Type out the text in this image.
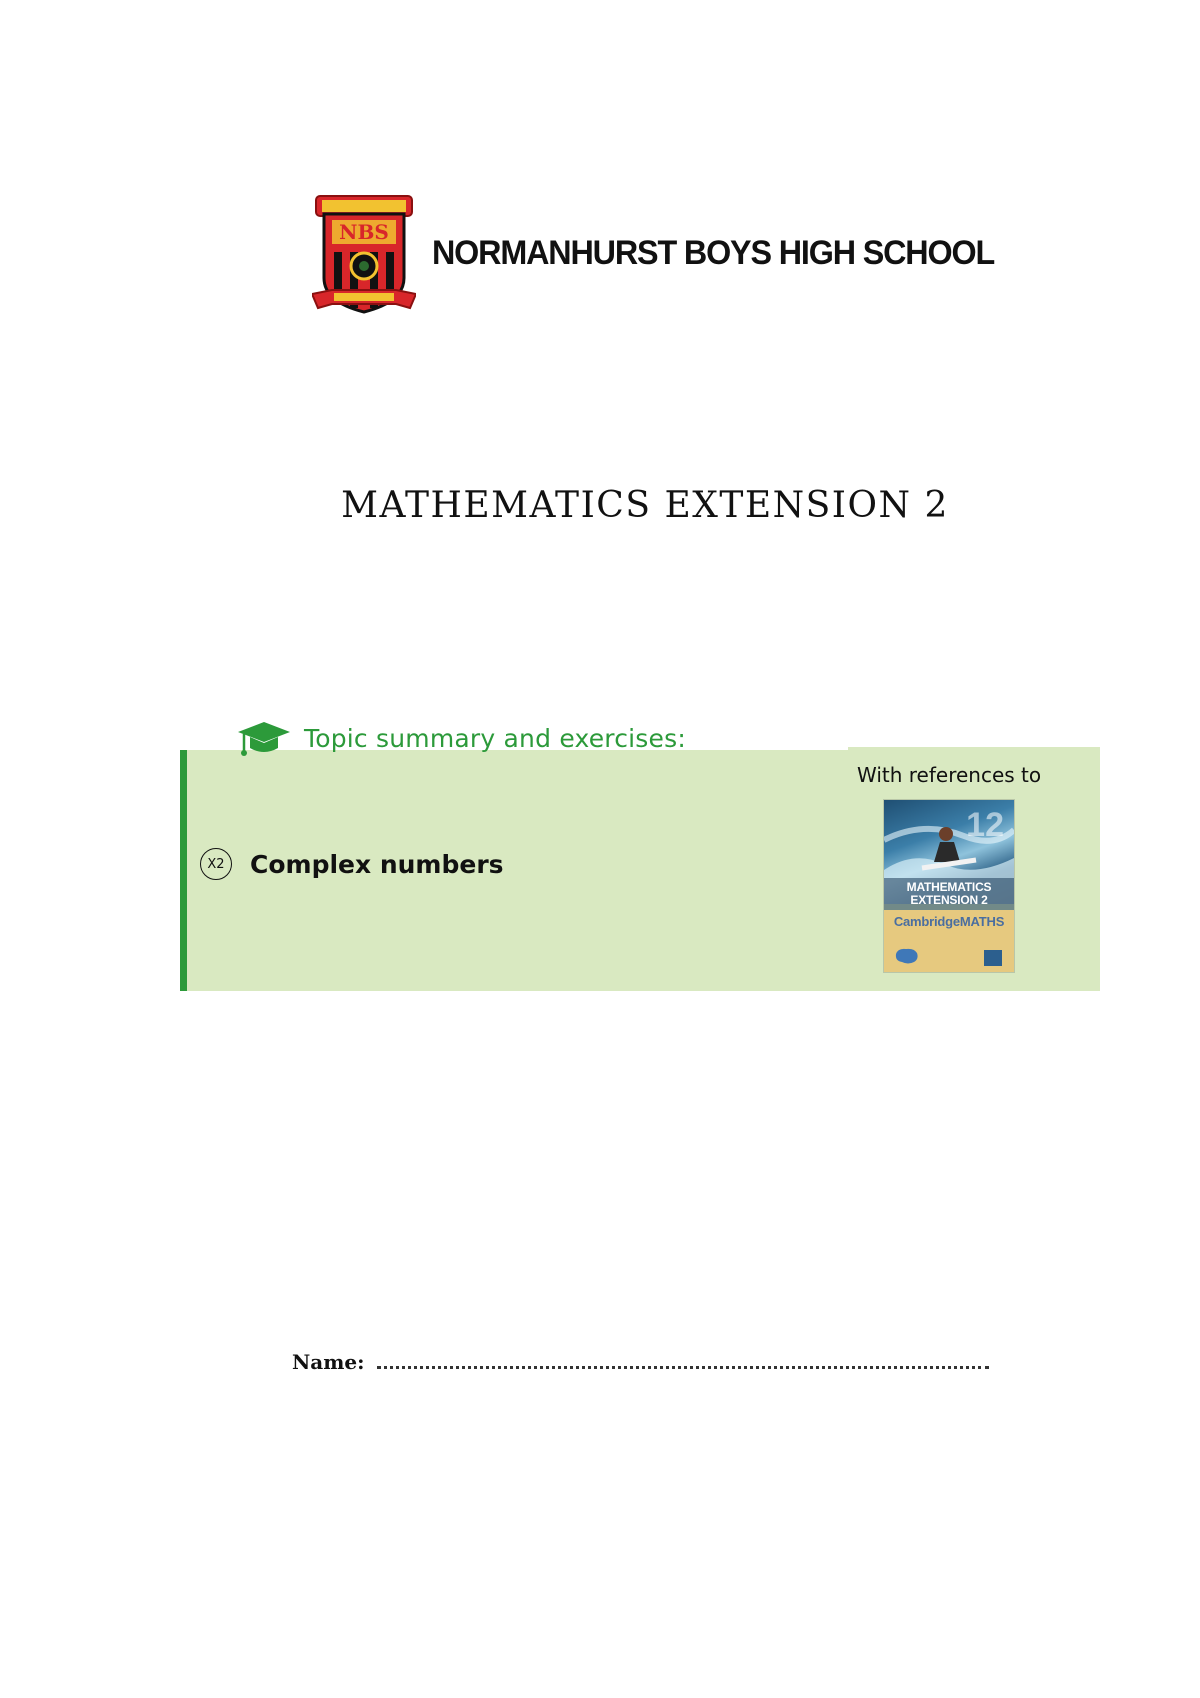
NBS
NORMANHURST BOYS HIGH SCHOOL
MATHEMATICS EXTENSION 2
Topic summary and exercises:
With references to
X2 Complex numbers
12
MATHEMATICS
EXTENSION 2
CambridgeMATHS
Name:
